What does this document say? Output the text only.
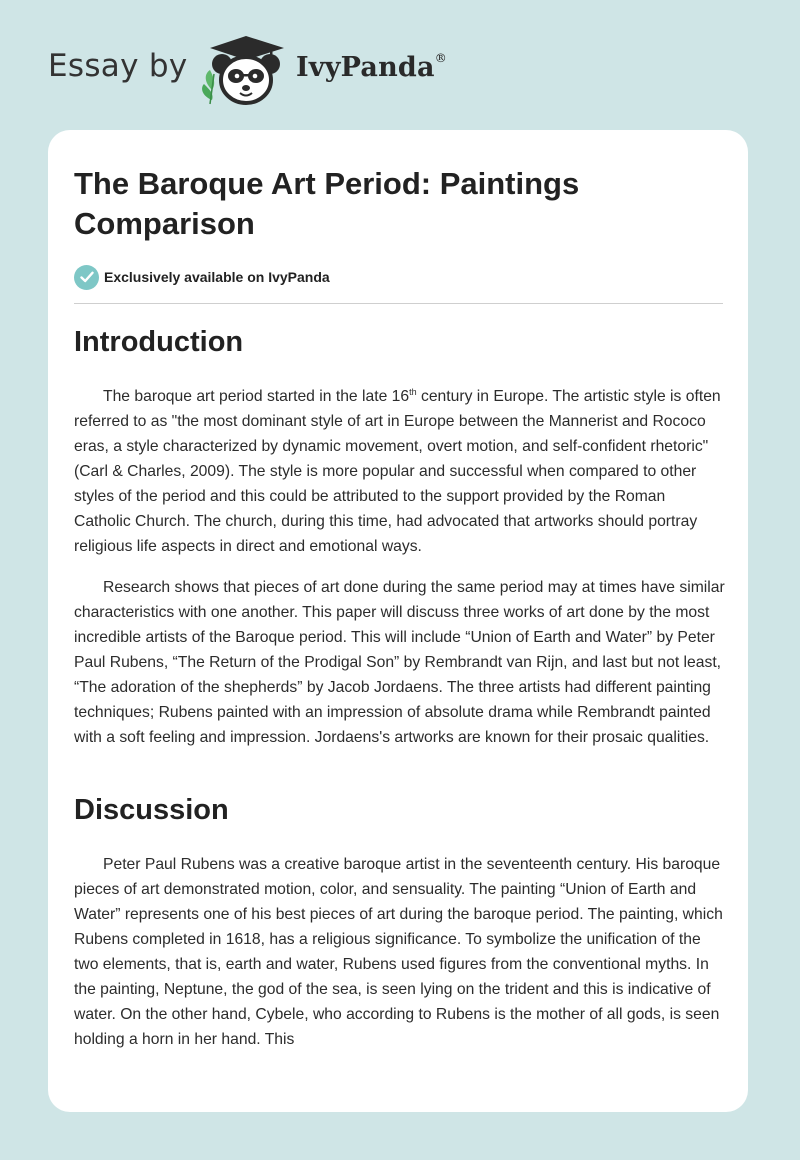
Essay by	IvyPanda®
The Baroque Art Period: Paintings Comparison
Exclusively available on IvyPanda
Introduction

The baroque art period started in the late 16th century in Europe. The artistic style is often referred to as "the most dominant style of art in Europe between the Mannerist and Rococo eras, a style characterized by dynamic movement, overt motion, and self-confident rhetoric" (Carl & Charles, 2009). The style is more popular and successful when compared to other styles of the period and this could be attributed to the support provided by the Roman Catholic Church. The church, during this time, had advocated that artworks should portray religious life aspects in direct and emotional ways.

Research shows that pieces of art done during the same period may at times have similar characteristics with one another. This paper will discuss three works of art done by the most incredible artists of the Baroque period. This will include “Union of Earth and Water” by Peter Paul Rubens, “The Return of the Prodigal Son” by Rembrandt van Rijn, and last but not least, “The adoration of the shepherds” by Jacob Jordaens. The three artists had different painting techniques; Rubens painted with an impression of absolute drama while Rembrandt painted with a soft feeling and impression. Jordaens's artworks are known for their prosaic qualities.

Discussion

Peter Paul Rubens was a creative baroque artist in the seventeenth century. His baroque pieces of art demonstrated motion, color, and sensuality. The painting “Union of Earth and Water” represents one of his best pieces of art during the baroque period. The painting, which Rubens completed in 1618, has a religious significance. To symbolize the unification of the two elements, that is, earth and water, Rubens used figures from the conventional myths. In the painting, Neptune, the god of the sea, is seen lying on the trident and this is indicative of water. On the other hand, Cybele, who according to Rubens is the mother of all gods, is seen holding a horn in her hand. This
